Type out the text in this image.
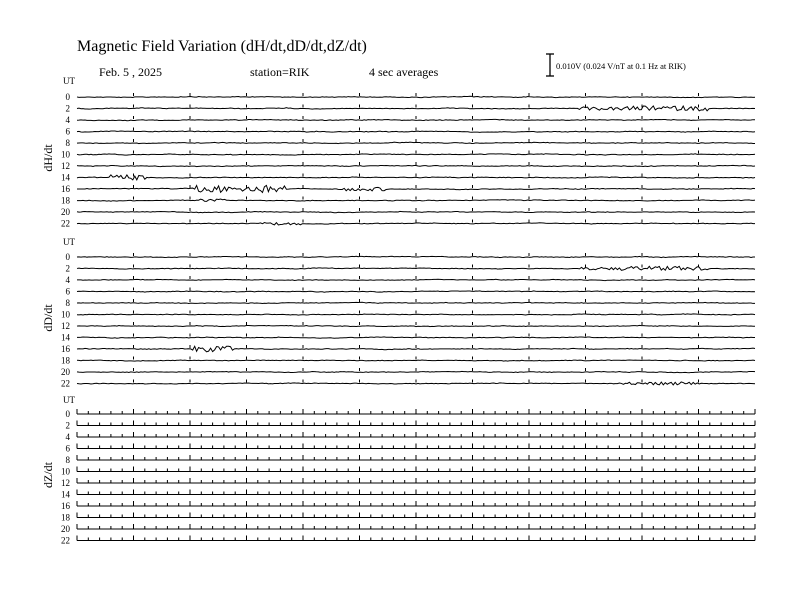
Magnetic Field Variation (dH/dt,dD/dt,dZ/dt)
Feb. 5 , 2025	station=RIK	4 sec averages	0.010V (0.024 V/nT at 0.1 Hz at RIK)
UT
dH/dt
0
2
4
6
8
10
12
14
16
18
20
22
UT
dD/dt
0
2
4
6
8
10
12
14
16
18
20
22
UT
dZ/dt
0
2
4
6
8
10
12
14
16
18
20
22
